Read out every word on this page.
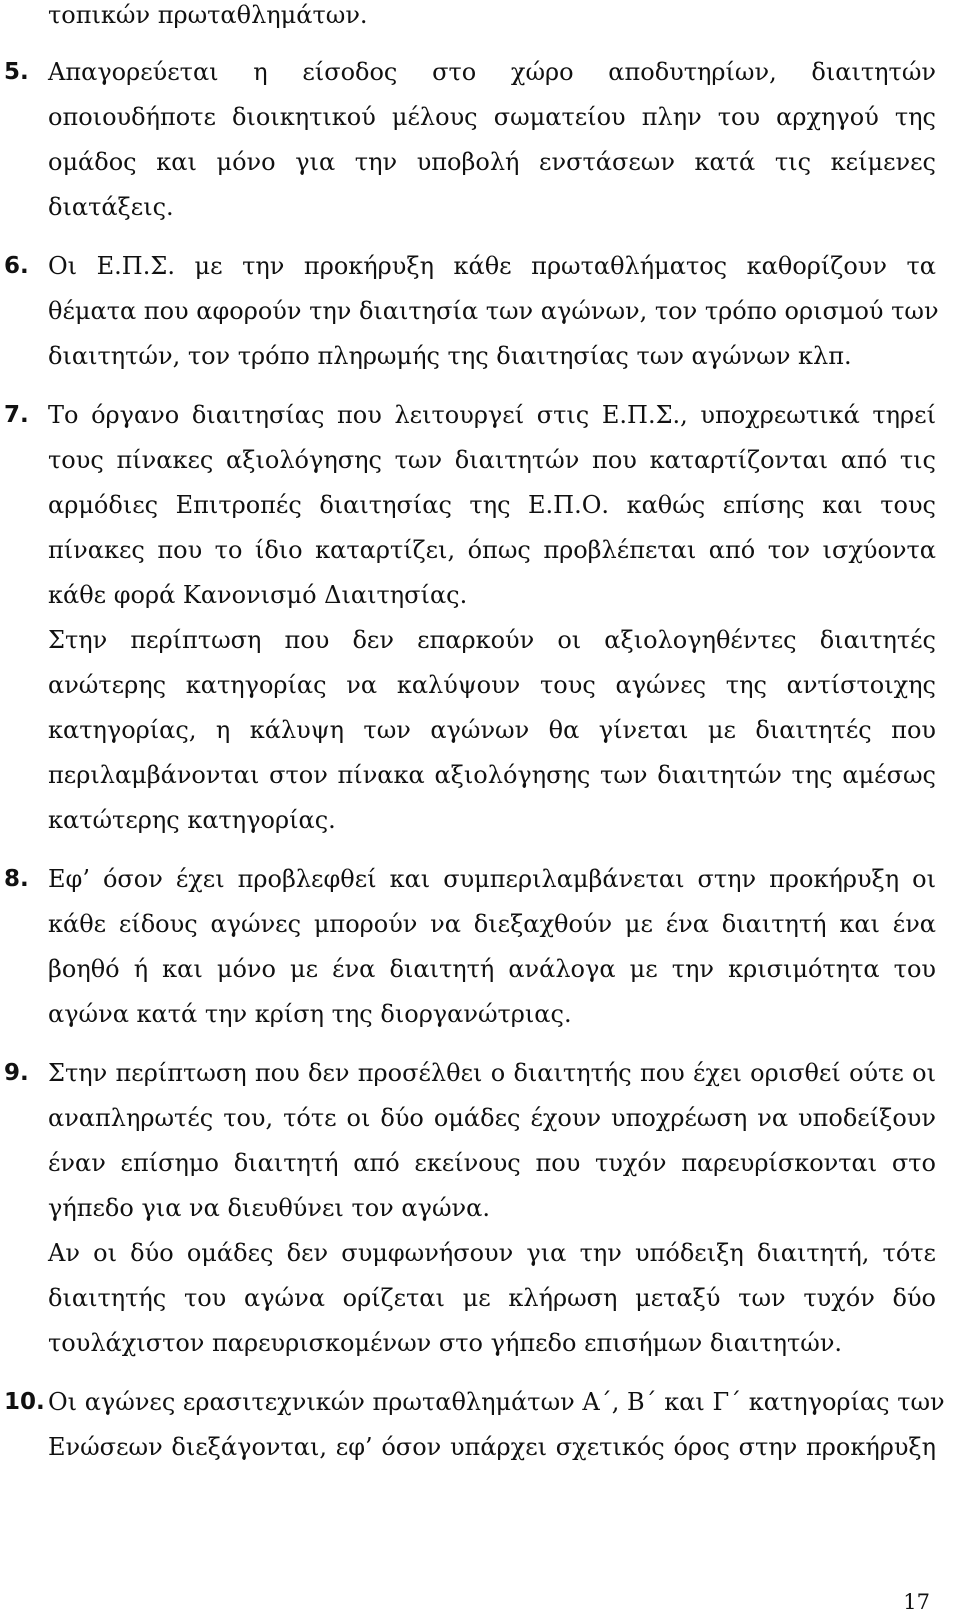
τοπικών πρωταθλημάτων.
5. Απαγορεύεται η είσοδος στο χώρο αποδυτηρίων, διαιτητών
οποιουδήποτε διοικητικού μέλους σωματείου πλην του αρχηγού της
ομάδος και μόνο για την υποβολή ενστάσεων κατά τις κείμενες
διατάξεις.
6. Οι Ε.Π.Σ. με την προκήρυξη κάθε πρωταθλήματος καθορίζουν τα
θέματα που αφορούν την διαιτησία των αγώνων, τον τρόπο ορισμού των
διαιτητών, τον τρόπο πληρωμής της διαιτησίας των αγώνων κλπ.
7. Το όργανο διαιτησίας που λειτουργεί στις Ε.Π.Σ., υποχρεωτικά τηρεί
τους πίνακες αξιολόγησης των διαιτητών που καταρτίζονται από τις
αρμόδιες Επιτροπές διαιτησίας της Ε.Π.Ο. καθώς επίσης και τους
πίνακες που το ίδιο καταρτίζει, όπως προβλέπεται από τον ισχύοντα
κάθε φορά Κανονισμό Διαιτησίας.
Στην περίπτωση που δεν επαρκούν οι αξιολογηθέντες διαιτητές
ανώτερης κατηγορίας να καλύψουν τους αγώνες της αντίστοιχης
κατηγορίας, η κάλυψη των αγώνων θα γίνεται με διαιτητές που
περιλαμβάνονται στον πίνακα αξιολόγησης των διαιτητών της αμέσως
κατώτερης κατηγορίας.
8. Εφ’ όσον έχει προβλεφθεί και συμπεριλαμβάνεται στην προκήρυξη οι
κάθε είδους αγώνες μπορούν να διεξαχθούν με ένα διαιτητή και ένα
βοηθό ή και μόνο με ένα διαιτητή ανάλογα με την κρισιμότητα του
αγώνα κατά την κρίση της διοργανώτριας.
9. Στην περίπτωση που δεν προσέλθει ο διαιτητής που έχει ορισθεί ούτε οι
αναπληρωτές του, τότε οι δύο ομάδες έχουν υποχρέωση να υποδείξουν
έναν επίσημο διαιτητή από εκείνους που τυχόν παρευρίσκονται στο
γήπεδο για να διευθύνει τον αγώνα.
Αν οι δύο ομάδες δεν συμφωνήσουν για την υπόδειξη διαιτητή, τότε
διαιτητής του αγώνα ορίζεται με κλήρωση μεταξύ των τυχόν δύο
τουλάχιστον παρευρισκομένων στο γήπεδο επισήμων διαιτητών.
10. Οι αγώνες ερασιτεχνικών πρωταθλημάτων Α΄, Β΄ και Γ΄ κατηγορίας των
Ενώσεων διεξάγονται, εφ’ όσον υπάρχει σχετικός όρος στην προκήρυξη
17
